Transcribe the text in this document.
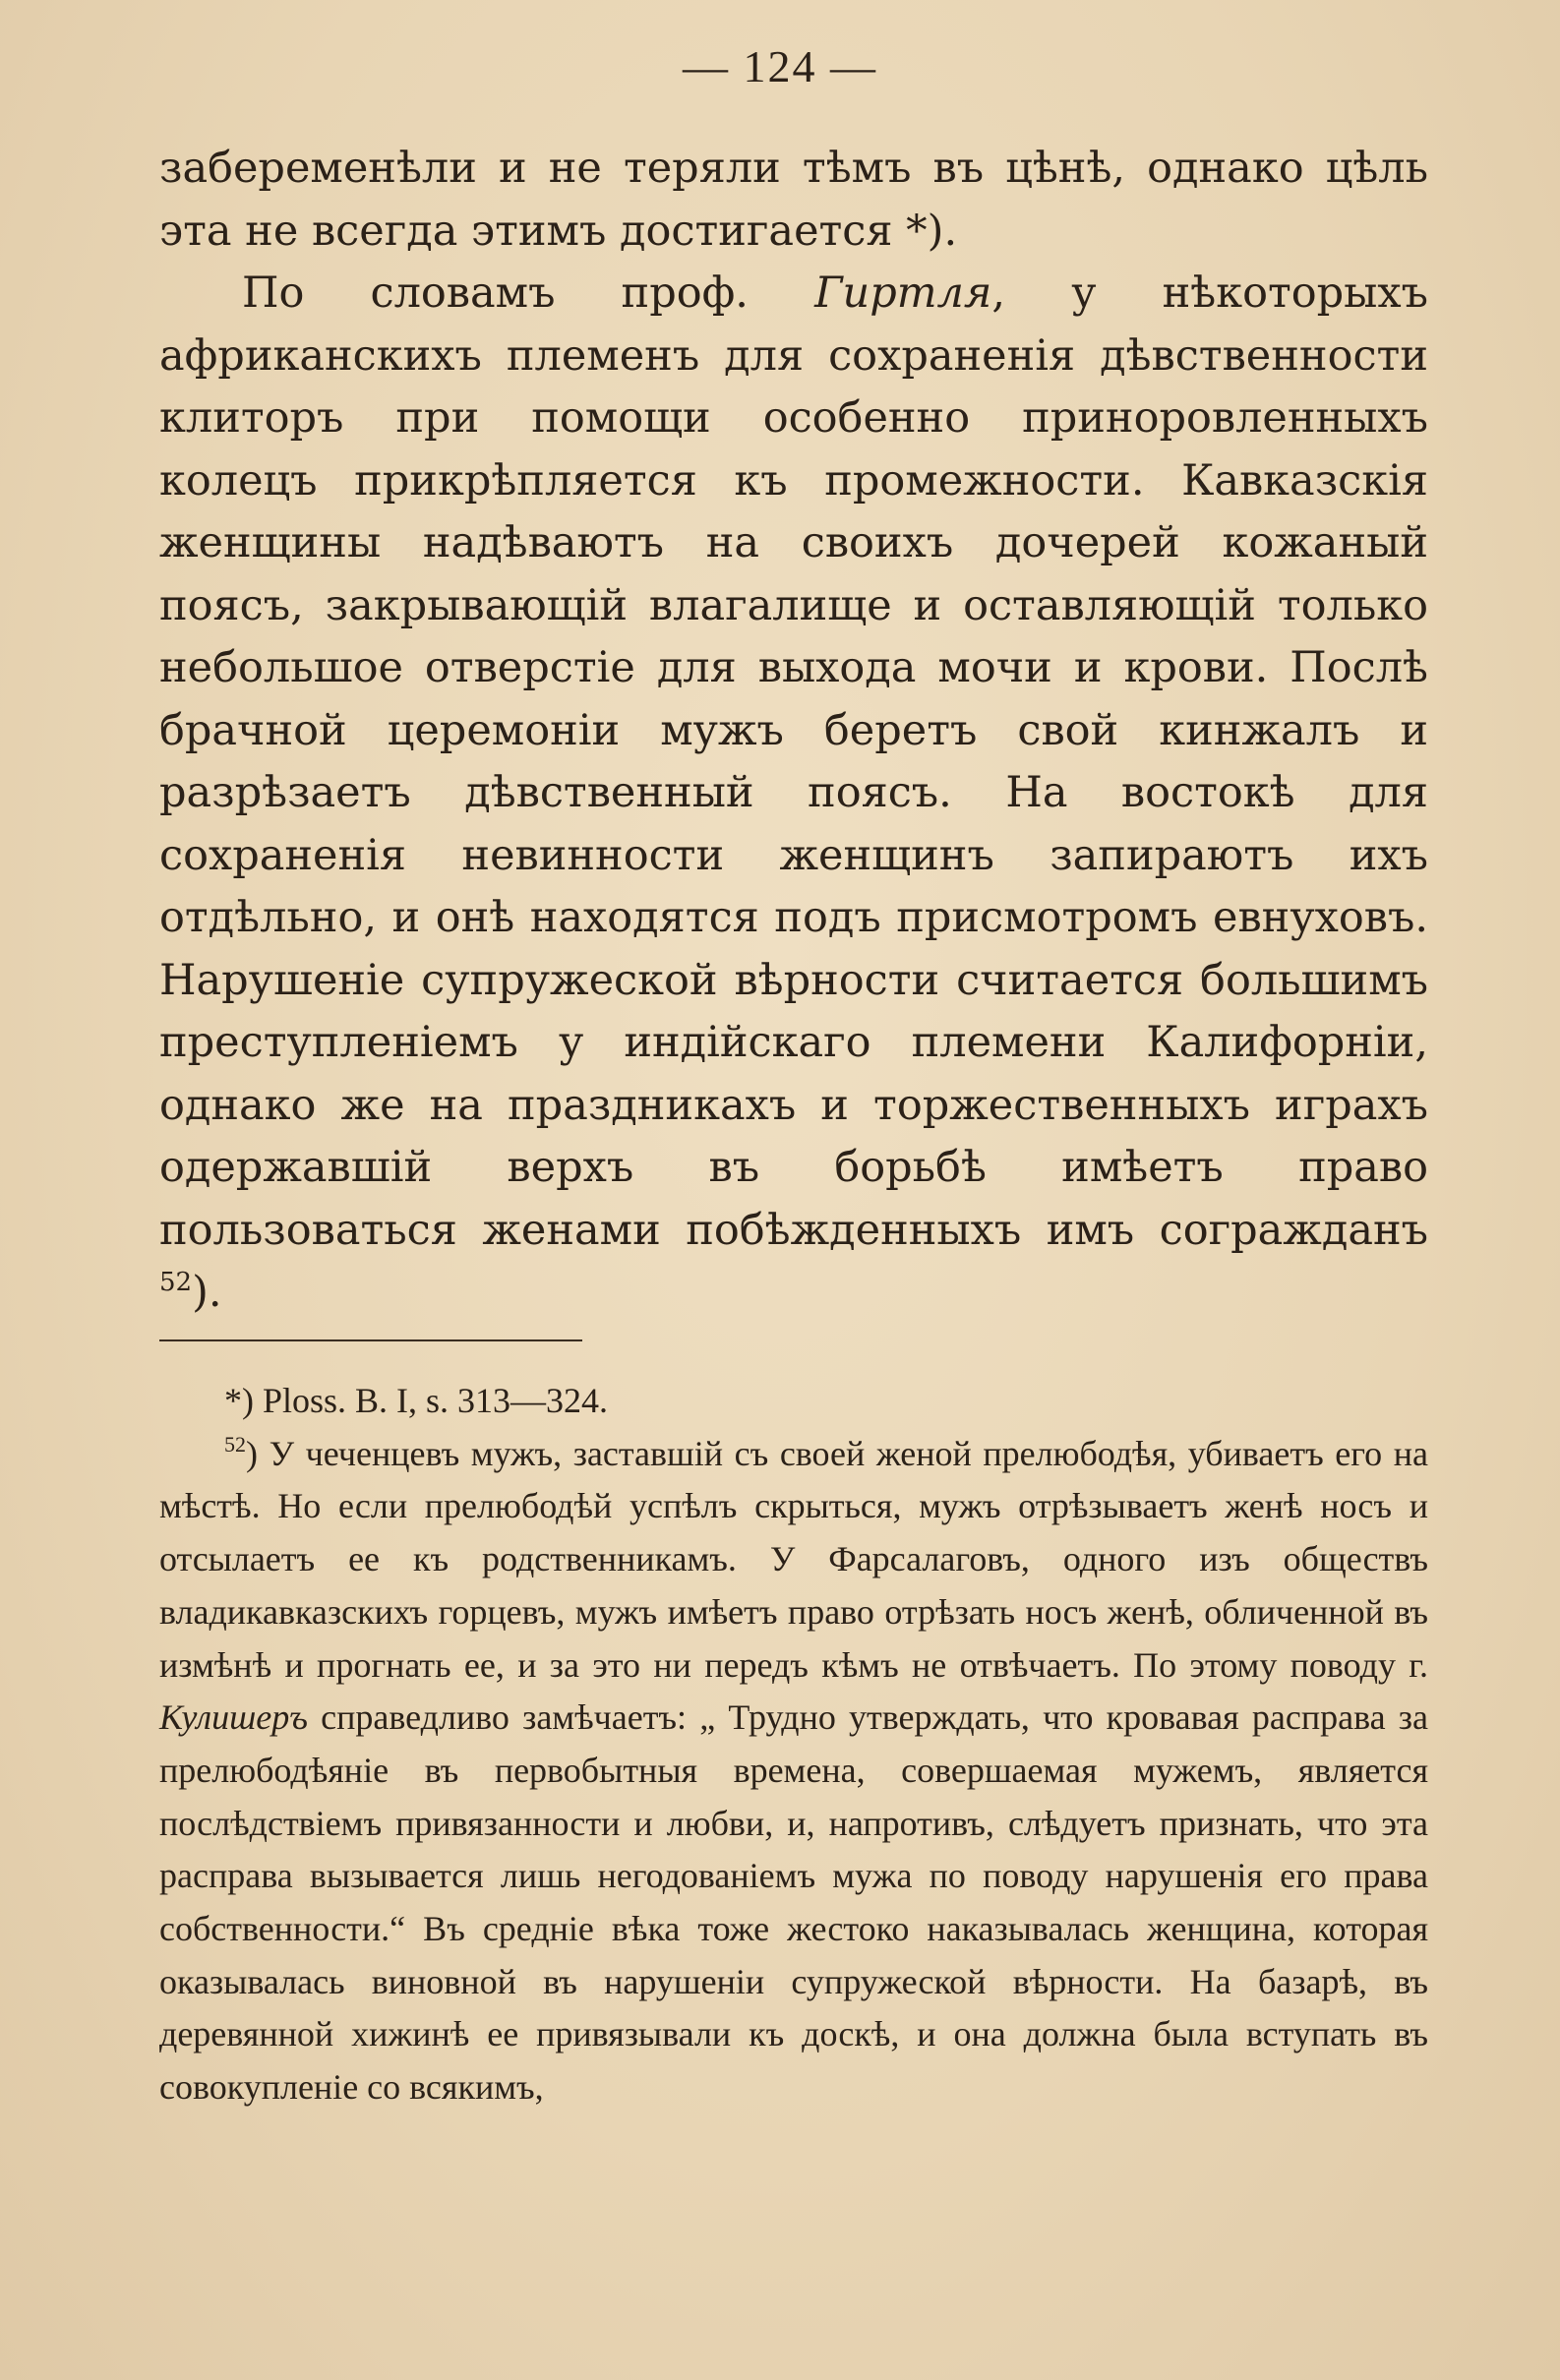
— 124 —

забеременѣли и не теряли тѣмъ въ цѣнѣ, однако цѣль эта не всегда этимъ достигается *).

По словамъ проф. Гиртля, у нѣкоторыхъ африканскихъ племенъ для сохраненія дѣвственности клиторъ при помощи особенно приноровленныхъ колецъ прикрѣпляется къ промежности. Кавказскія женщины надѣваютъ на своихъ дочерей кожаный поясъ, закрывающій влагалище и оставляющій только небольшое отверстіе для выхода мочи и крови. Послѣ брачной церемоніи мужъ беретъ свой кинжалъ и разрѣзаетъ дѣвственный поясъ. На востокѣ для сохраненія невинности женщинъ запираютъ ихъ отдѣльно, и онѣ находятся подъ присмотромъ евнуховъ. Нарушеніе супружеской вѣрности считается большимъ преступленіемъ у индійскаго племени Калифорніи, однако же на праздникахъ и торжественныхъ играхъ одержавшій верхъ въ борьбѣ имѣетъ право пользоваться женами побѣжденныхъ имъ согражданъ $^{52}$).

*) Ploss. B. I, s. 313—324.

$^{52}$) У чеченцевъ мужъ, заставшій съ своей женой прелюбодѣя, убиваетъ его на мѣстѣ. Но если прелюбодѣй успѣлъ скрыться, мужъ отрѣзываетъ женѣ носъ и отсылаетъ ее къ родственникамъ. У Фарсалаговъ, одного изъ обществъ владикавказскихъ горцевъ, мужъ имѣетъ право отрѣзать носъ женѣ, обличенной въ измѣнѣ и прогнать ее, и за это ни передъ кѣмъ не отвѣчаетъ. По этому поводу г. Кулишеръ справедливо замѣчаетъ: „ Трудно утверждать, что кровавая расправа за прелюбодѣяніе въ первобытныя времена, совершаемая мужемъ, является послѣдствіемъ привязанности и любви, и, напротивъ, слѣдуетъ признать, что эта расправа вызывается лишь негодованіемъ мужа по поводу нарушенія его права собственности.“ Въ средніе вѣка тоже жестоко наказывалась женщина, которая оказывалась виновной въ нарушеніи супружеской вѣрности. На базарѣ, въ деревянной хижинѣ ее привязывали къ доскѣ, и она должна была вступать въ совокупленіе со всякимъ,
